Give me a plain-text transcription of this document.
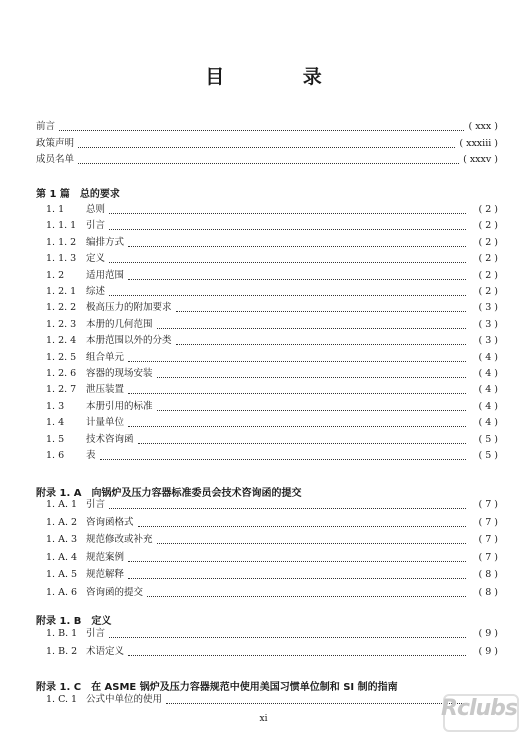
目 录
前言	( xxx )
政策声明	( xxxiii )
成员名单	( xxxv )
第 1 篇 总的要求
1. 1	总则	( 2 )
1. 1. 1	引言	( 2 )
1. 1. 2	编排方式	( 2 )
1. 1. 3	定义	( 2 )
1. 2	适用范围	( 2 )
1. 2. 1	综述	( 2 )
1. 2. 2	极高压力的附加要求	( 3 )
1. 2. 3	本册的几何范围	( 3 )
1. 2. 4	本册范围以外的分类	( 3 )
1. 2. 5	组合单元	( 4 )
1. 2. 6	容器的现场安装	( 4 )
1. 2. 7	泄压装置	( 4 )
1. 3	本册引用的标准	( 4 )
1. 4	计量单位	( 4 )
1. 5	技术咨询函	( 5 )
1. 6	表	( 5 )
附录 1. A 向锅炉及压力容器标准委员会技术咨询函的提交
1. A. 1 引言	( 7 )
1. A. 2 咨询函格式	( 7 )
1. A. 3 规范修改或补充	( 7 )
1. A. 4 规范案例	( 7 )
1. A. 5 规范解释	( 8 )
1. A. 6 咨询函的提交	( 8 )
附录 1. B 定义
1. B. 1 引言	( 9 )
1. B. 2 术语定义	( 9 )
附录 1. C 在 ASME 锅炉及压力容器规范中使用美国习惯单位制和 SI 制的指南
1. C. 1 公式中单位的使用
xi	Rclubs
